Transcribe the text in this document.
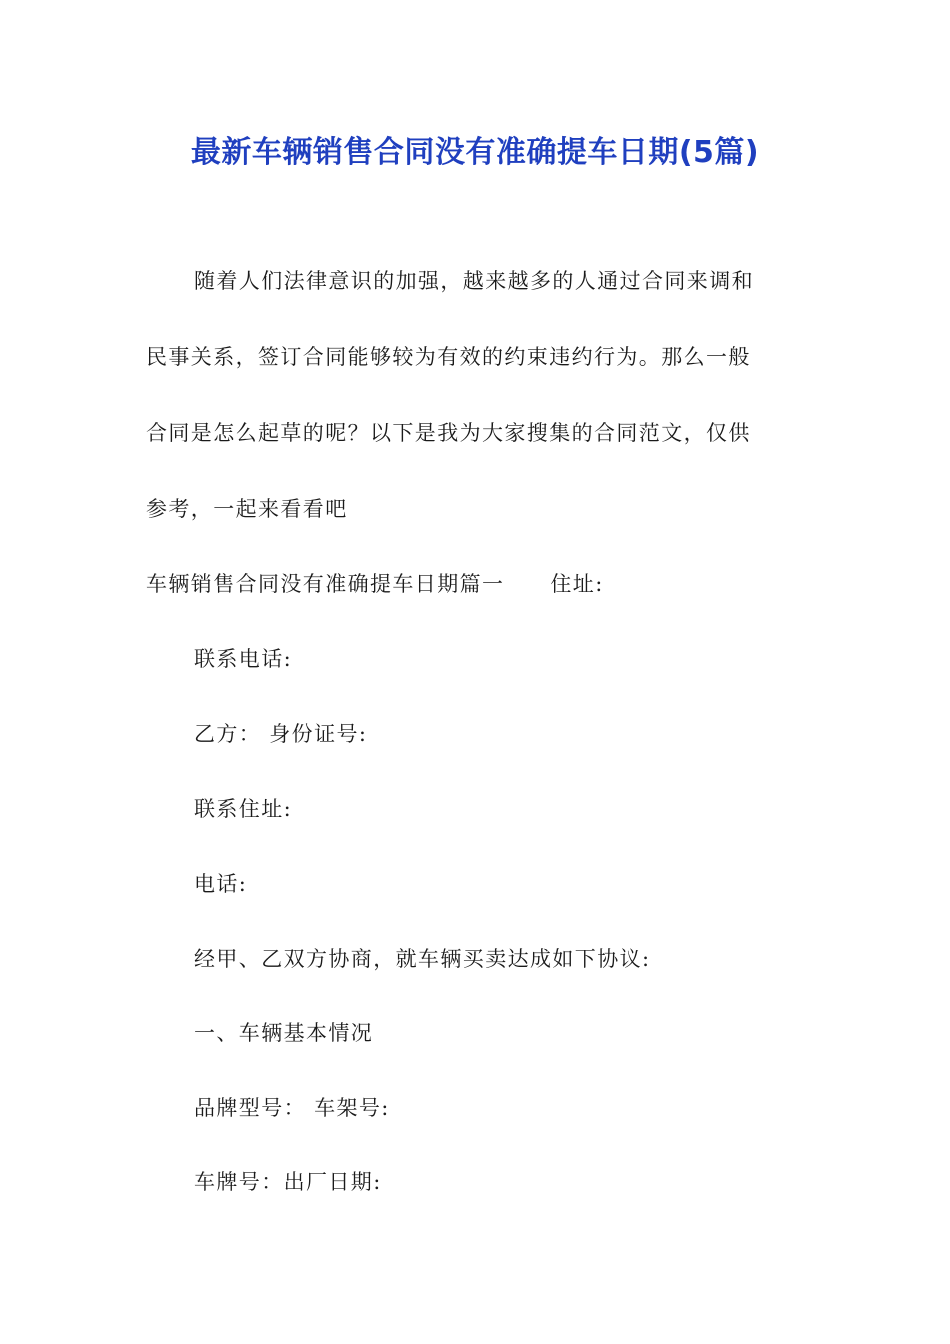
最新车辆销售合同没有准确提车日期(5篇)

随着人们法律意识的加强，越来越多的人通过合同来调和

民事关系，签订合同能够较为有效的约束违约行为。那么一般

合同是怎么起草的呢？以下是我为大家搜集的合同范文，仅供

参考，一起来看看吧

车辆销售合同没有准确提车日期篇一 住址:

联系电话:

乙方： 身份证号:

联系住址:

电话:

经甲、乙双方协商，就车辆买卖达成如下协议:

一、车辆基本情况

品牌型号： 车架号:

车牌号：出厂日期:
